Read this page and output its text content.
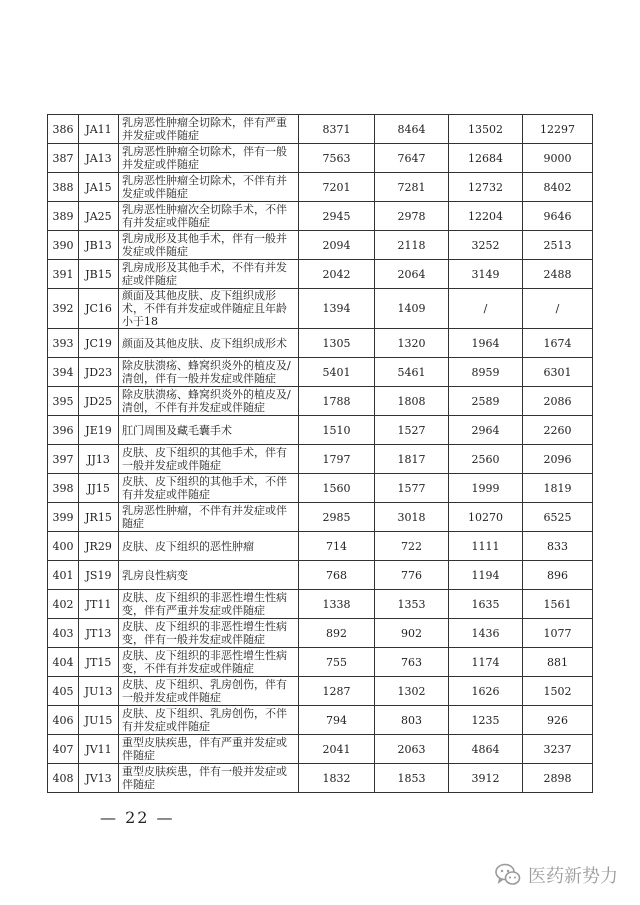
386	JA11	乳房恶性肿瘤全切除术，伴有严重并发症或伴随症	8371	8464	13502	12297
387	JA13	乳房恶性肿瘤全切除术，伴有一般并发症或伴随症	7563	7647	12684	9000
388	JA15	乳房恶性肿瘤全切除术，不伴有并发症或伴随症	7201	7281	12732	8402
389	JA25	乳房恶性肿瘤次全切除手术，不伴有并发症或伴随症	2945	2978	12204	9646
390	JB13	乳房成形及其他手术，伴有一般并发症或伴随症	2094	2118	3252	2513
391	JB15	乳房成形及其他手术，不伴有并发症或伴随症	2042	2064	3149	2488
392	JC16	颜面及其他皮肤、皮下组织成形术，不伴有并发症或伴随症且年龄小于18	1394	1409	/	/
393	JC19	颜面及其他皮肤、皮下组织成形术	1305	1320	1964	1674
394	JD23	除皮肤溃疡、蜂窝织炎外的植皮及/清创，伴有一般并发症或伴随症	5401	5461	8959	6301
395	JD25	除皮肤溃疡、蜂窝织炎外的植皮及/清创，不伴有并发症或伴随症	1788	1808	2589	2086
396	JE19	肛门周围及藏毛囊手术	1510	1527	2964	2260
397	JJ13	皮肤、皮下组织的其他手术，伴有一般并发症或伴随症	1797	1817	2560	2096
398	JJ15	皮肤、皮下组织的其他手术，不伴有并发症或伴随症	1560	1577	1999	1819
399	JR15	乳房恶性肿瘤，不伴有并发症或伴随症	2985	3018	10270	6525
400	JR29	皮肤、皮下组织的恶性肿瘤	714	722	1111	833
401	JS19	乳房良性病变	768	776	1194	896
402	JT11	皮肤、皮下组织的非恶性增生性病变，伴有严重并发症或伴随症	1338	1353	1635	1561
403	JT13	皮肤、皮下组织的非恶性增生性病变，伴有一般并发症或伴随症	892	902	1436	1077
404	JT15	皮肤、皮下组织的非恶性增生性病变，不伴有并发症或伴随症	755	763	1174	881
405	JU13	皮肤、皮下组织、乳房创伤，伴有一般并发症或伴随症	1287	1302	1626	1502
406	JU15	皮肤、皮下组织、乳房创伤，不伴有并发症或伴随症	794	803	1235	926
407	JV11	重型皮肤疾患，伴有严重并发症或伴随症	2041	2063	4864	3237
408	JV13	重型皮肤疾患，伴有一般并发症或伴随症	1832	1853	3912	2898
— 22 —
医药新势力
